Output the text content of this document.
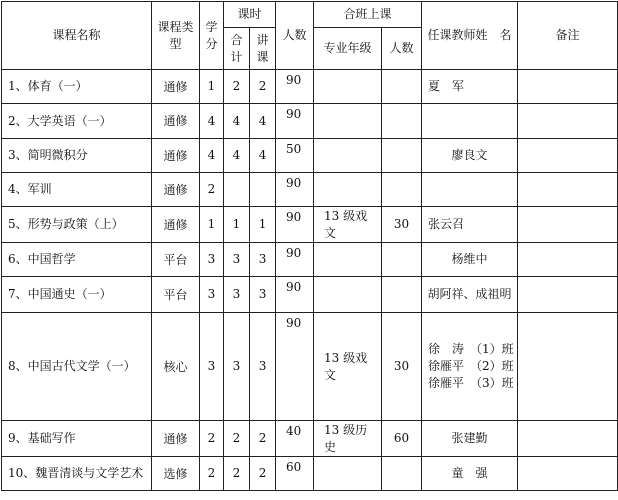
课程名称	课程类型	学分	课时		人数	合班上课		任课教师姓　名	备注
			合计	讲课		专业年级	人数		
1、体育（一）	通修	1	2	2	90			夏　军	
2、大学英语（一）	通修	4	4	4	90				
3、简明微积分	通修	4	4	4	50			廖良文	
4、军训	通修	2			90				
5、形势与政策（上）	通修	1	1	1	90	13 级戏文	30	张云召	
6、中国哲学	平台	3	3	3	90			杨维中	
7、中国通史（一）	平台	3	3	3	90			胡阿祥、成祖明	
8、中国古代文学（一）	核心	3	3	3	90	13 级戏文	30	徐　涛　（1）班
徐雁平　（2）班
徐雁平　（3）班	

9、基础写作	通修	2	2	2	40	13 级历史	60	张建勤	
10、魏晋清谈与文学艺术	选修	2	2	2	60			童　强	
